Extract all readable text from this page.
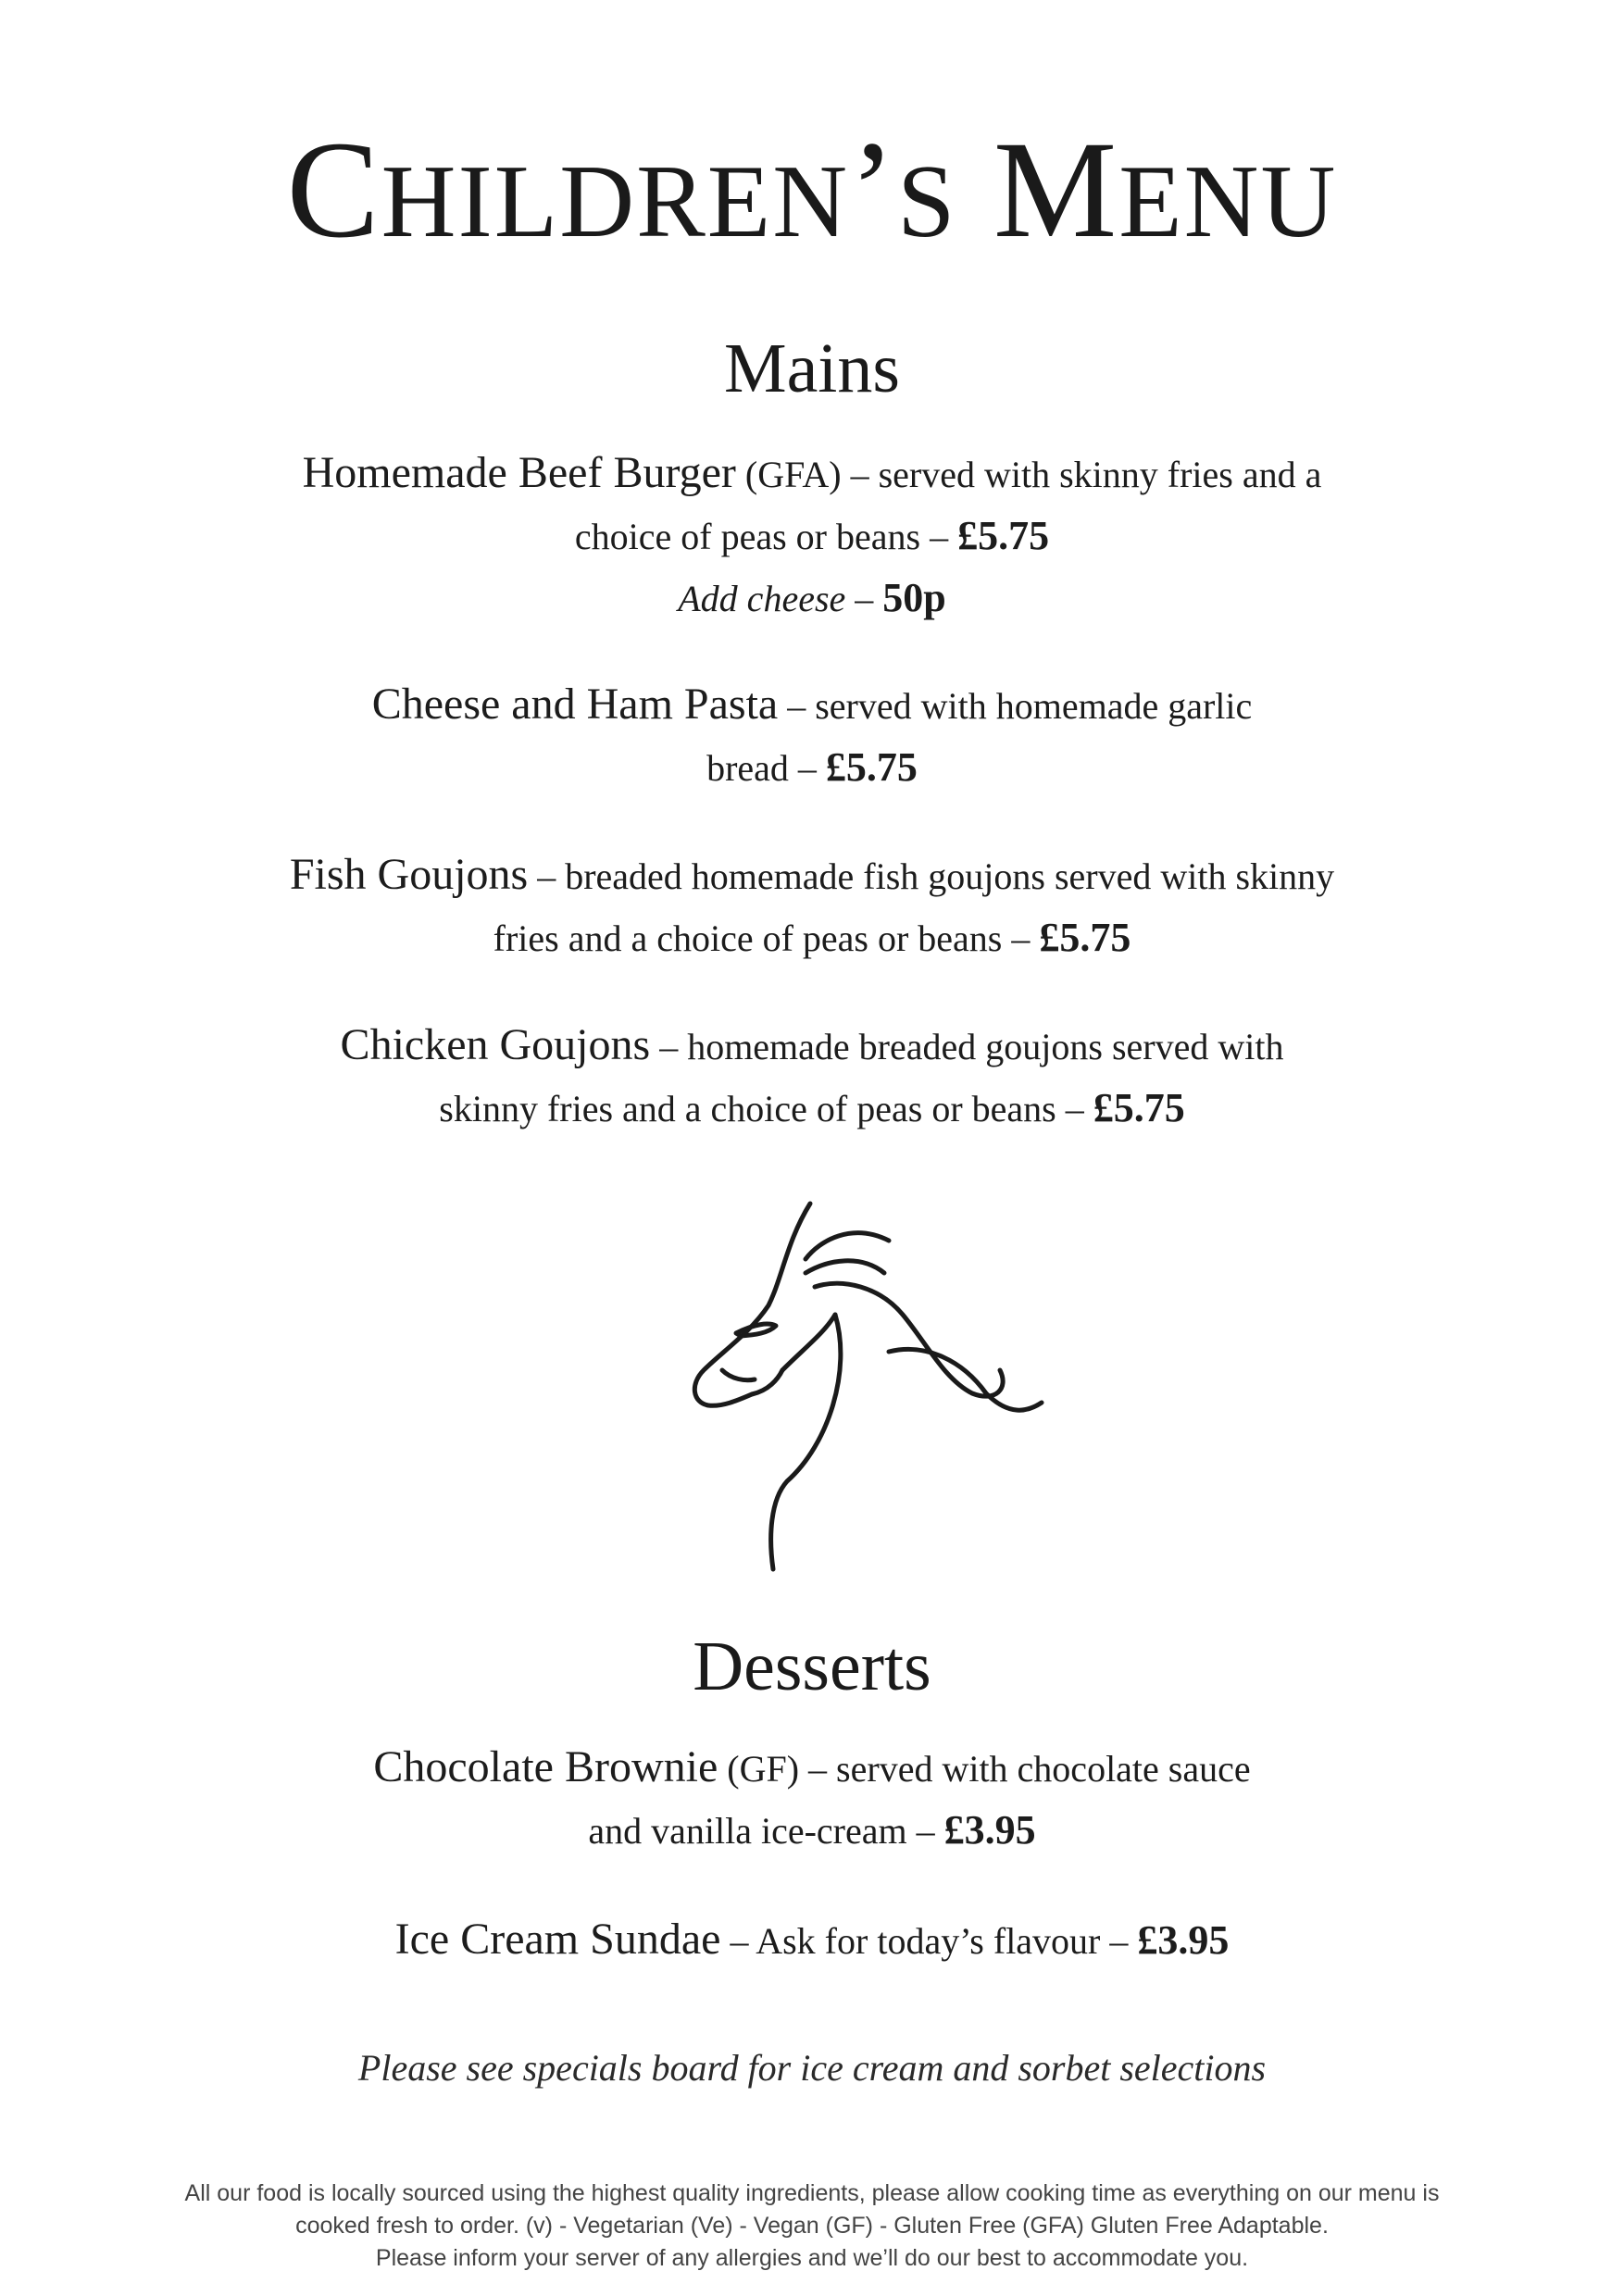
CHILDREN’S MENU
Mains
Homemade Beef Burger (GFA) – served with skinny fries and a
choice of peas or beans – £5.75
Add cheese – 50p
Cheese and Ham Pasta – served with homemade garlic
bread – £5.75
Fish Goujons – breaded homemade fish goujons served with skinny
fries and a choice of peas or beans – £5.75
Chicken Goujons – homemade breaded goujons served with
skinny fries and a choice of peas or beans – £5.75
Desserts
Chocolate Brownie (GF) – served with chocolate sauce
and vanilla ice-cream – £3.95
Ice Cream Sundae – Ask for today’s flavour – £3.95
Please see specials board for ice cream and sorbet selections
All our food is locally sourced using the highest quality ingredients, please allow cooking time as everything on our menu is
cooked fresh to order. (v) - Vegetarian (Ve) - Vegan (GF) - Gluten Free (GFA) Gluten Free Adaptable.
Please inform your server of any allergies and we’ll do our best to accommodate you.
